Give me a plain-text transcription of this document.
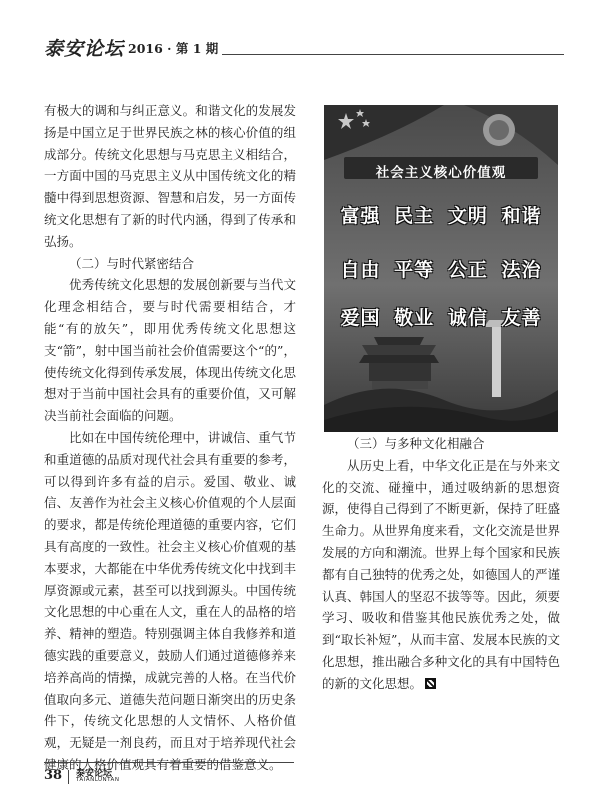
泰安论坛 2016 · 第 1 期

有极大的调和与纠正意义。和谐文化的发展发扬是中国立足于世界民族之林的核心价值的组成部分。传统文化思想与马克思主义相结合，一方面中国的马克思主义从中国传统文化的精髓中得到思想资源、智慧和启发，另一方面传统文化思想有了新的时代内涵，得到了传承和弘扬。

（二）与时代紧密结合

优秀传统文化思想的发展创新要与当代文化理念相结合，要与时代需要相结合，才能“有的放矢”，即用优秀传统文化思想这支“箭”，射中国当前社会价值需要这个“的”，使传统文化得到传承发展，体现出传统文化思想对于当前中国社会具有的重要价值，又可解决当前社会面临的问题。

比如在中国传统伦理中，讲诚信、重气节和重道德的品质对现代社会具有重要的参考，可以得到许多有益的启示。爱国、敬业、诚信、友善作为社会主义核心价值观的个人层面的要求，都是传统伦理道德的重要内容，它们具有高度的一致性。社会主义核心价值观的基本要求，大都能在中华优秀传统文化中找到丰厚资源或元素，甚至可以找到源头。中国传统文化思想的中心重在人文，重在人的品格的培养、精神的塑造。特别强调主体自我修养和道德实践的重要意义，鼓励人们通过道德修养来培养高尚的情操，成就完善的人格。在当代价值取向多元、道德失范问题日渐突出的历史条件下，传统文化思想的人文情怀、人格价值观，无疑是一剂良药，而且对于培养现代社会健康的人格价值观具有着重要的借鉴意义。

社会主义核心价值观
富强 民主 文明 和谐
自由 平等 公正 法治
爱国 敬业 诚信 友善
（三）与多种文化相融合

从历史上看，中华文化正是在与外来文化的交流、碰撞中，通过吸纳新的思想资源，使得自己得到了不断更新，保持了旺盛生命力。从世界角度来看，文化交流是世界发展的方向和潮流。世界上每个国家和民族都有自己独特的优秀之处，如德国人的严谨认真、韩国人的坚忍不拔等等。因此，须要学习、吸收和借鉴其他民族优秀之处，做到“取长补短”，从而丰富、发展本民族的文化思想，推出融合多种文化的具有中国特色的新的文化思想。

38 泰安论坛
TAIANLUNTAN
